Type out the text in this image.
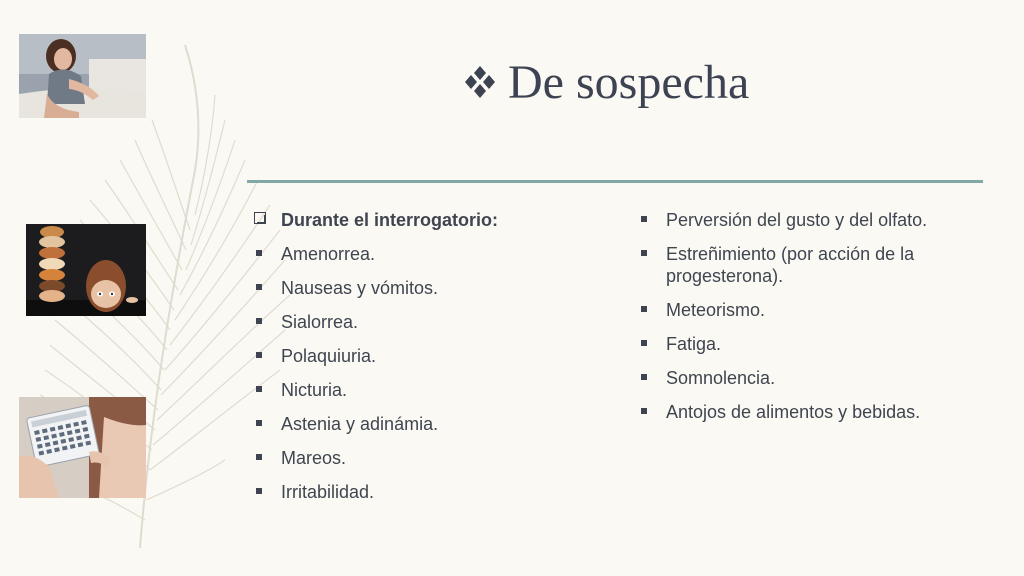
De sospecha
Durante el interrogatorio:
Amenorrea.
Nauseas y vómitos.
Sialorrea.
Polaquiuria.
Nicturia.
Astenia y adinámia.
Mareos.
Irritabilidad.
Perversión del gusto y del olfato.
Estreñimiento (por acción de la progesterona).
Meteorismo.
Fatiga.
Somnolencia.
Antojos de alimentos y bebidas.
